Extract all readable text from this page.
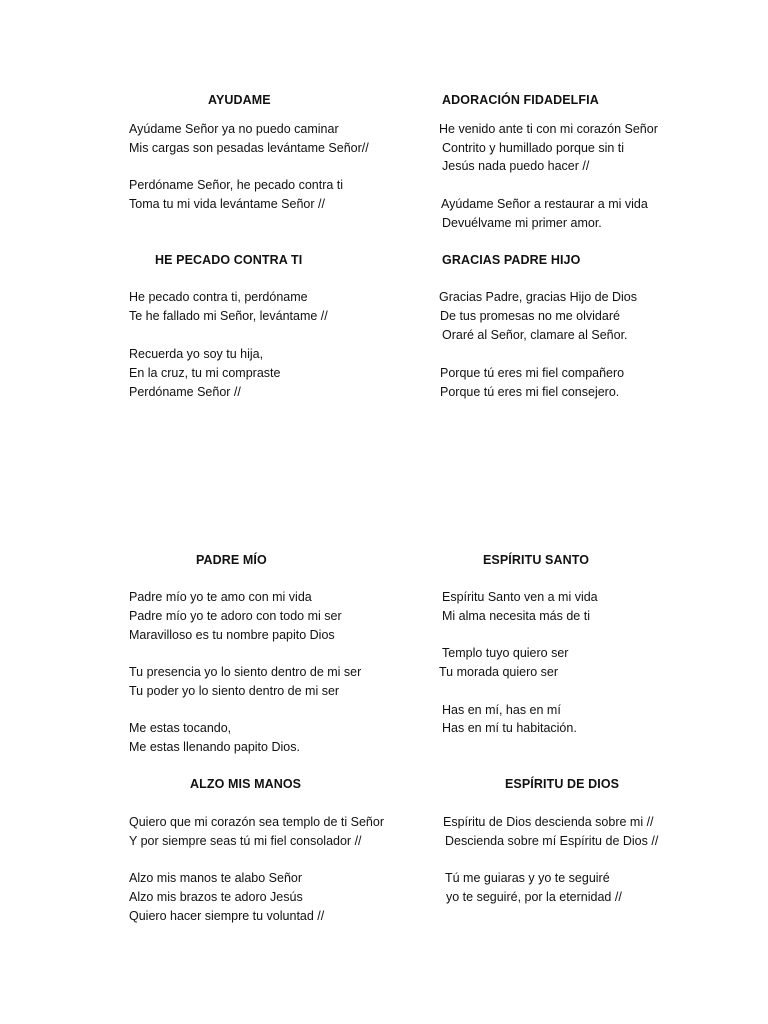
AYUDAME
Ayúdame Señor ya no puedo caminar
Mis cargas son pesadas levántame Señor//
Perdóname Señor, he pecado contra ti
Toma tu mi vida levántame Señor //
ADORACIÓN FIDADELFIA
He venido ante ti con mi corazón Señor
Contrito y humillado porque sin ti
Jesús nada puedo hacer //
Ayúdame Señor a restaurar a mi vida
Devuélvame mi primer amor.
HE PECADO CONTRA TI
He pecado contra ti, perdóname
Te he fallado mi Señor, levántame //
Recuerda yo soy tu hija,
En la cruz, tu mi compraste
Perdóname Señor //
GRACIAS PADRE HIJO
Gracias Padre, gracias Hijo de Dios
De tus promesas no me olvidaré
Oraré al Señor, clamare al Señor.
Porque tú eres mi fiel compañero
Porque tú eres mi fiel consejero.
PADRE MÍO
Padre mío yo te amo con mi vida
Padre mío yo te adoro con todo mi ser
Maravilloso es tu nombre papito Dios
Tu presencia yo lo siento dentro de mi ser
Tu poder yo lo siento dentro de mi ser
Me estas tocando,
Me estas llenando papito Dios.
ESPÍRITU SANTO
Espíritu Santo ven a mi vida
Mi alma necesita más de ti
Templo tuyo quiero ser
Tu morada quiero ser
Has en mí, has en mí
Has en mí tu habitación.
ALZO MIS MANOS
Quiero que mi corazón sea templo de ti Señor
Y por siempre seas tú mi fiel consolador //
Alzo mis manos te alabo Señor
Alzo mis brazos te adoro Jesús
Quiero hacer siempre tu voluntad //
ESPÍRITU DE DIOS
Espíritu de Dios descienda sobre mi //
Descienda sobre mí Espíritu de Dios //
Tú me guiaras y yo te seguiré
yo te seguiré, por la eternidad //
